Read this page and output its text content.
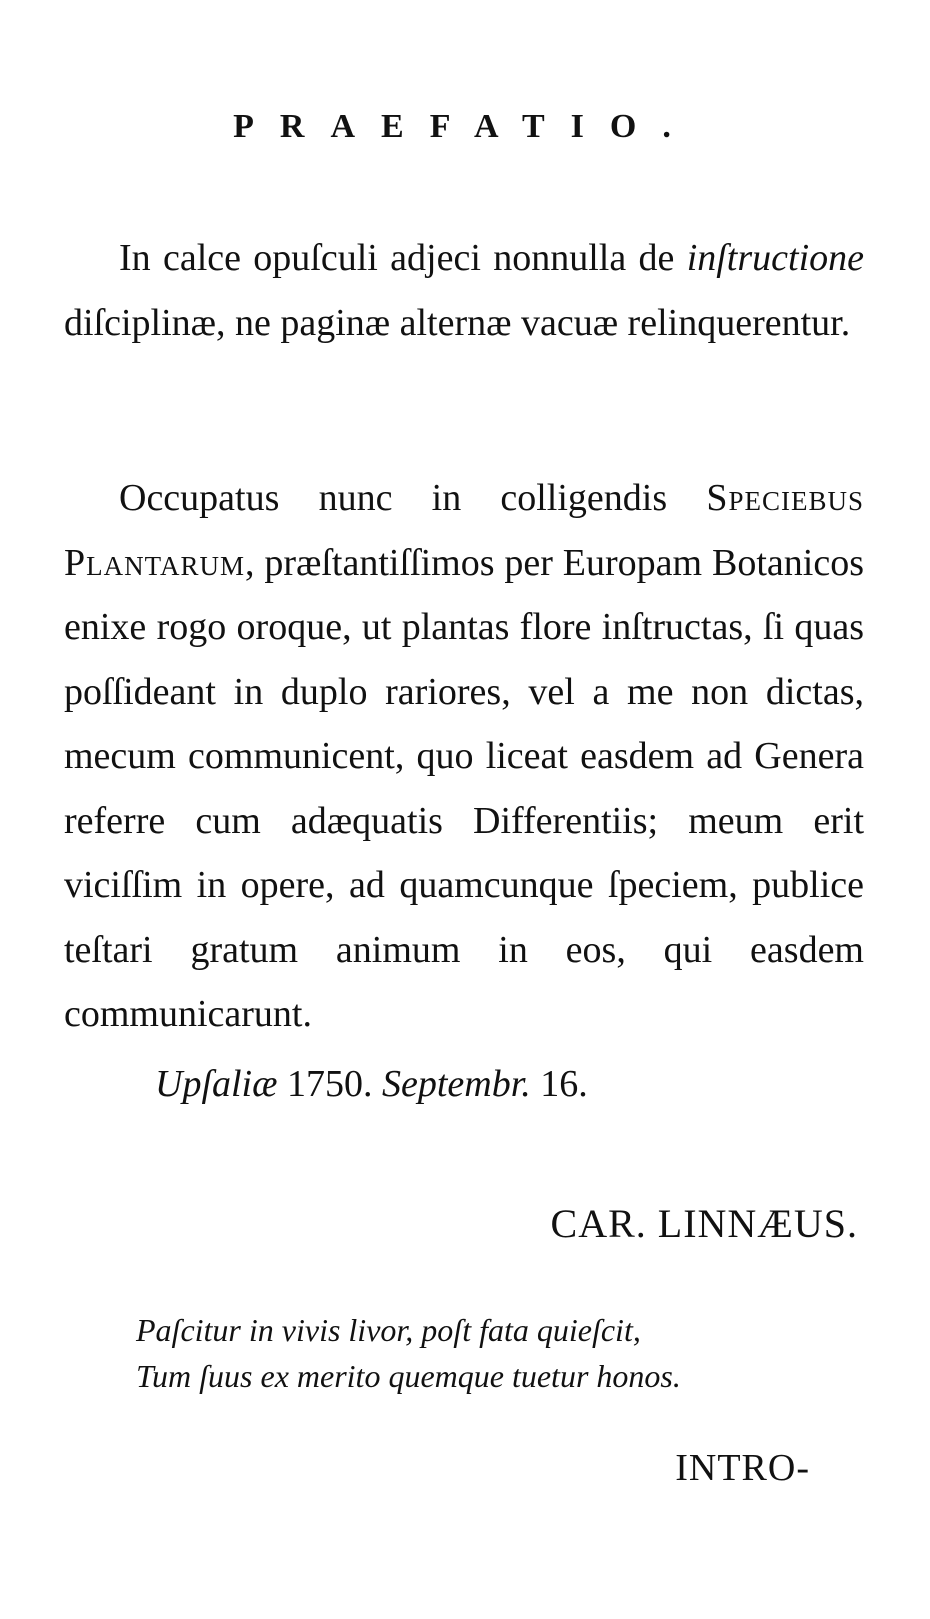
PRAEFATIO.

In calce opuſculi adjeci nonnulla de inſtructione diſciplinæ, ne paginæ alternæ vacuæ relinquerentur.

Occupatus nunc in colligendis Speciebus Plantarum, præſtantiſſimos per Europam Botanicos enixe rogo oroque, ut plantas flore inſtructas, ſi quas poſſideant in duplo rariores, vel a me non dictas, mecum communicent, quo liceat easdem ad Genera referre cum adæquatis Differentiis; meum erit viciſſim in opere, ad quamcunque ſpeciem, publice teſtari gratum animum in eos, qui easdem communicarunt.

Upſaliæ 1750. Septembr. 16.
CAR. LINNÆUS.
Paſcitur in vivis livor, poſt fata quieſcit,
Tum ſuus ex merito quemque tuetur honos.
INTRO-
